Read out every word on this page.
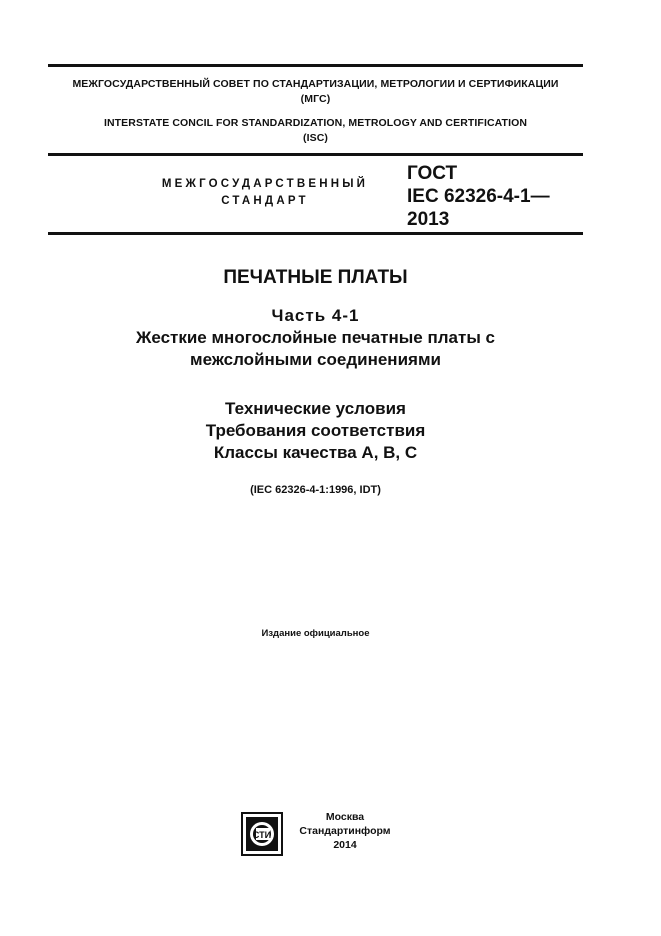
МЕЖГОСУДАРСТВЕННЫЙ СОВЕТ ПО СТАНДАРТИЗАЦИИ, МЕТРОЛОГИИ И СЕРТИФИКАЦИИ
(МГС)
INTERSTATE CONCIL FOR STANDARDIZATION, METROLOGY AND CERTIFICATION
(ISC)
МЕЖГОСУДАРСТВЕННЫЙ
СТАНДАРТ
ГОСТ
IEC 62326-4-1—
2013
ПЕЧАТНЫЕ ПЛАТЫ
Часть 4-1
Жесткие многослойные печатные платы с
межслойными соединениями
Технические условия
Требования соответствия
Классы качества A, B, C
(IEC 62326-4-1:1996, IDT)
Издание официальное
СТИ
Москва
Стандартинформ
2014
